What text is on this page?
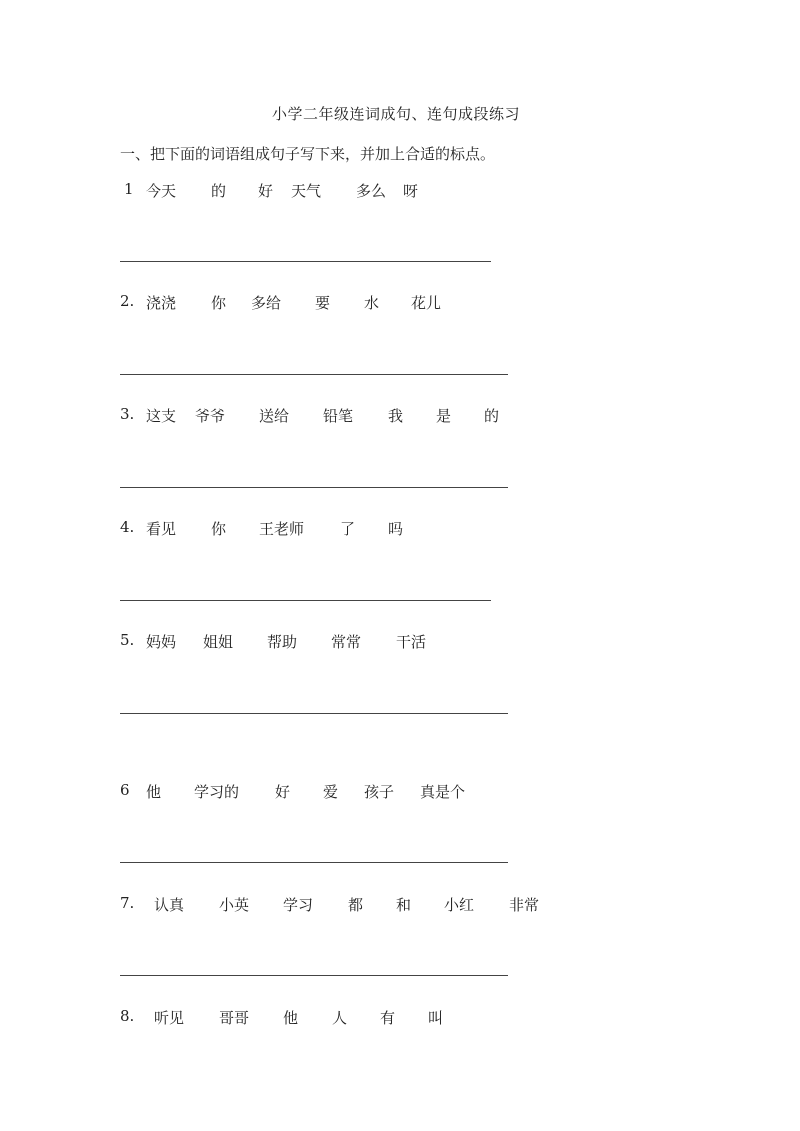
小学二年级连词成句、连句成段练习
一、把下面的词语组成句子写下来，并加上合适的标点。
1 今天 的 好 天气 多么 呀
2. 浇浇 你 多给 要 水 花儿
3. 这支 爷爷 送给 铅笔 我 是 的
4. 看见 你 王老师 了 吗
5. 妈妈 姐姐 帮助 常常 干活
6 他 学习的 好 爱 孩子 真是个
7. 认真 小英 学习 都 和 小红 非常
8. 听见 哥哥 他 人 有 叫
